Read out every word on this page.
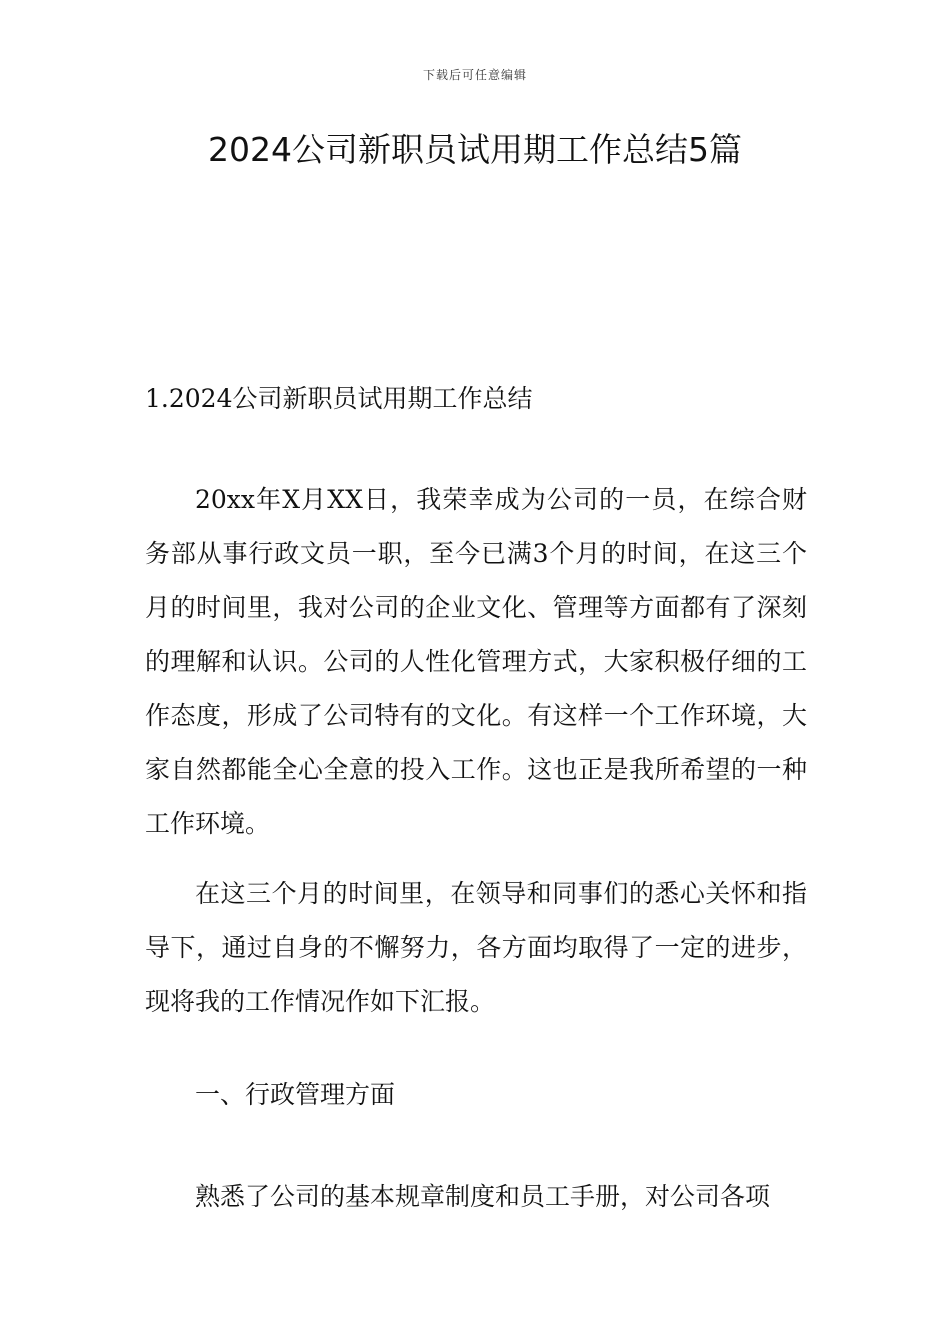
下载后可任意编辑
2024公司新职员试用期工作总结5篇

1.2024公司新职员试用期工作总结

20xx年X月XX日，我荣幸成为公司的一员，在综合财务部从事行政文员一职，至今已满3个月的时间，在这三个月的时间里，我对公司的企业文化、管理等方面都有了深刻的理解和认识。公司的人性化管理方式，大家积极仔细的工作态度，形成了公司特有的文化。有这样一个工作环境，大家自然都能全心全意的投入工作。这也正是我所希望的一种工作环境。

在这三个月的时间里，在领导和同事们的悉心关怀和指导下，通过自身的不懈努力，各方面均取得了一定的进步，现将我的工作情况作如下汇报。

一、行政管理方面

熟悉了公司的基本规章制度和员工手册，对公司各项
